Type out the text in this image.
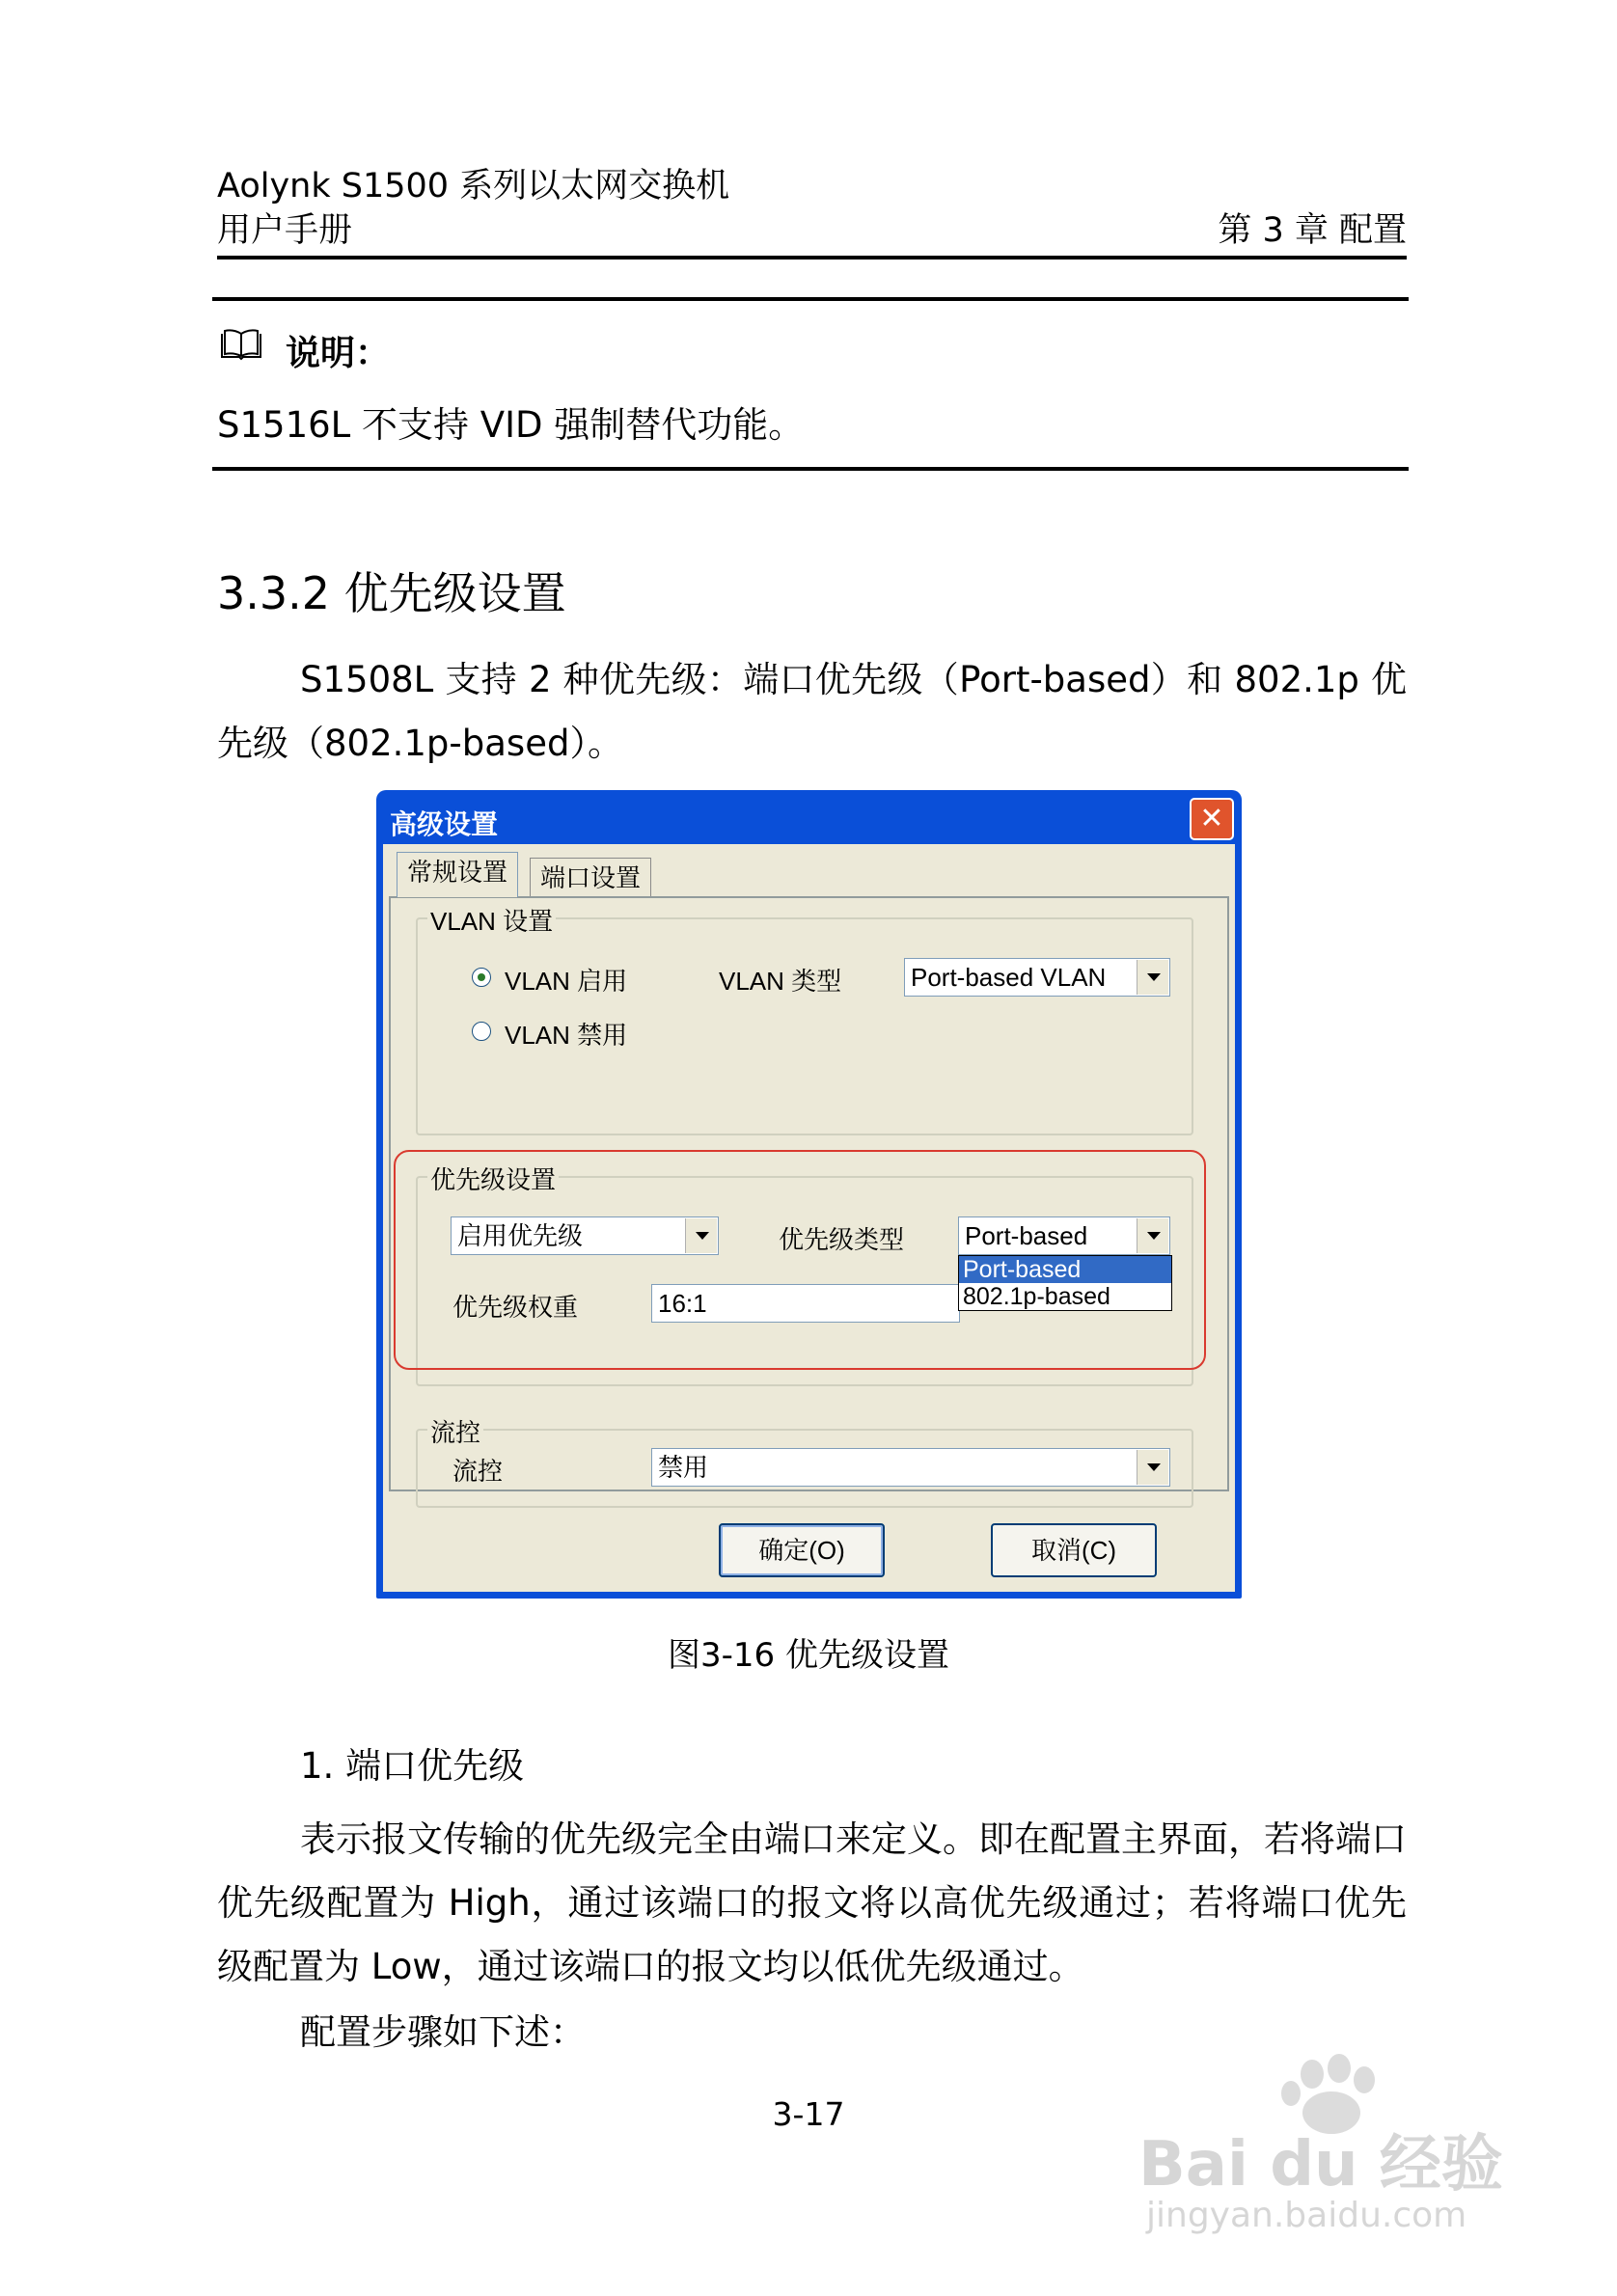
Aolynk S1500 系列以太网交换机
用户手册	第 3 章 配置
说明：
S1516L 不支持 VID 强制替代功能。
3.3.2 优先级设置
S1508L 支持 2 种优先级：端口优先级（Port-based）和 802.1p 优先级（802.1p-based）。
高级设置	✕
常规设置	端口设置
VLAN 设置
VLAN 启用
VLAN 禁用
VLAN 类型	Port-based VLAN
优先级设置
启用优先级	优先级类型 Port-based
优先级权重	16:1
Port-based
802.1p-based
流控
流控	禁用
确定(O)	取消(C)
图3-16 优先级设置
1. 端口优先级
表示报文传输的优先级完全由端口来定义。即在配置主界面，若将端口优先级配置为 High，通过该端口的报文将以高优先级通过；若将端口优先级配置为 Low，通过该端口的报文均以低优先级通过。
配置步骤如下述：
3-17
Bai du 经验
jingyan.baidu.com
